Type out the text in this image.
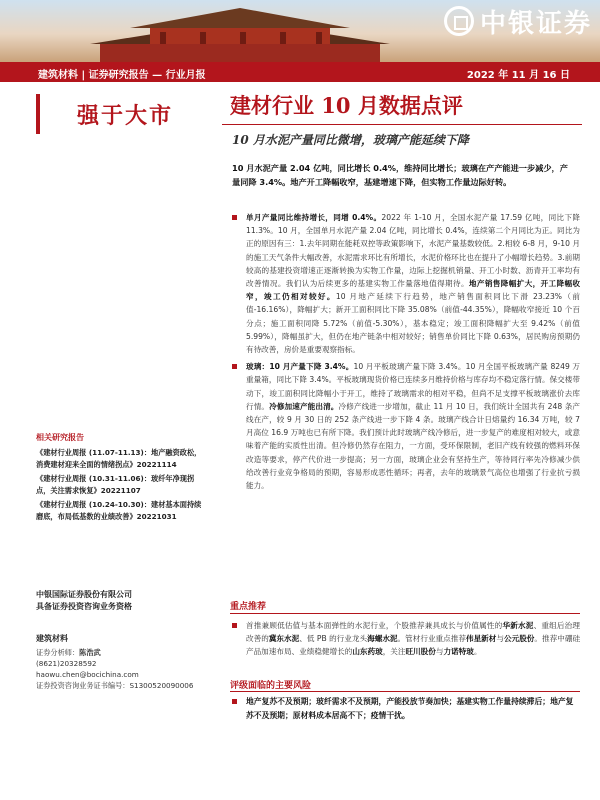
中银证券
建筑材料 | 证券研究报告 — 行业月报	2022 年 11 月 16 日
强于大市
相关研究报告

《建材行业周报 (11.07-11.13)：地产融资政松，消费建材迎来全面的情绪拐点》20221114

《建材行业周报 (10.31-11.06)：玻纤年净现拐点，关注需求恢复》20221107

《建材行业周报 (10.24-10.30)：建材基本面持续磨底，布局低基数的业绩改善》20221031

中银国际证券股份有限公司
具备证券投资咨询业务资格
建筑材料
证券分析师：陈浩武
(8621)20328592
haowu.chen@bocichina.com
证券投资咨询业务证书编号：S1300520090006
建材行业 10 月数据点评
10 月水泥产量同比微增，玻璃产能延续下降
10 月水泥产量 2.04 亿吨，同比增长 0.4%，维持同比增长；玻璃在产产能进一步减少，产量同降 3.4%。地产开工降幅收窄，基建增速下降，但实物工作量边际好转。
单月产量同比维持增长，同增 0.4%。2022 年 1-10 月，全国水泥产量 17.59 亿吨，同比下降 11.3%。10 月，全国单月水泥产量 2.04 亿吨，同比增长 0.4%，连续第二个月同比为正。同比为正的原因有三：1.去年同期在能耗双控等政策影响下，水泥产量基数较低。2.相较 6-8 月，9-10 月的施工天气条件大幅改善，水泥需求环比有所增长，水泥价格环比也在提升了小幅增长趋势。3.前期较高的基建投资增速正逐渐转换为实物工作量，边际上挖掘机销量、开工小时数、沥青开工率均有改善情况。我们认为后续更多的基建实物工作量落地值得期待。地产销售降幅扩大，开工降幅收窄，竣工仍相对较好。10 月地产延续下行趋势，地产销售面积同比下滑 23.23%（前值-16.16%），降幅扩大；新开工面积同比下降 35.08%（前值-44.35%），降幅收窄接近 10 个百分点；施工面积同降 5.72%（前值-5.30%），基本稳定；竣工面积降幅扩大至 9.42%（前值 5.99%），降幅虽扩大，但仍在地产链条中相对较好；销售单价同比下降 0.63%，居民购房预期仍有待改善，房价是重要观察指标。
玻璃：10 月产量下降 3.4%。10 月平板玻璃产量下降 3.4%。10 月全国平板玻璃产量 8249 万重量箱，同比下降 3.4%。平板玻璃现货价格已连续多月维持价格与库存均不稳定落行情。保交楼带动下，竣工面积同比降幅小于开工，维持了玻璃需求的相对平稳，但尚不足支撑平板玻璃涨价去库行情。冷修加速产能出清。冷修产线进一步增加，截止 11 月 10 日，我们统计全国共有 248 条产线在产，较 9 月 30 日的 252 条产线进一步下降 4 条。玻璃产线合计日熔量约 16.34 万吨，较 7 月高位 16.9 万吨也已有所下降。我们预计此时玻璃产线冷修后，进一步复产的难度相对较大，或意味着产能的实质性出清。但冷修仍然存在阻力，一方面，受环保限制，老旧产线有较强的燃料环保改造等要求，停产代价进一步提高；另一方面，玻璃企业会有坚持生产，等待同行率先冷修减少供给改善行业竞争格局的预期，容易形成恶性循环；再者，去年的玻璃景气高位也增强了行业抗亏损能力。
重点推荐
首推兼顾低估值与基本面弹性的水泥行业，个股推荐兼具成长与价值属性的华新水泥、重组后治理改善的冀东水泥、低 PB 的行业龙头海螺水泥。管材行业重点推荐伟星新材与公元股份。推荐中硼硅产品加速布局、业绩稳健增长的山东药玻，关注旺川股份与力诺特玻。
评级面临的主要风险
地产复苏不及预期；玻纤需求不及预期，产能投放节奏加快；基建实物工作量持续滞后；地产复苏不及预期；原材料成本居高不下；疫情干扰。
